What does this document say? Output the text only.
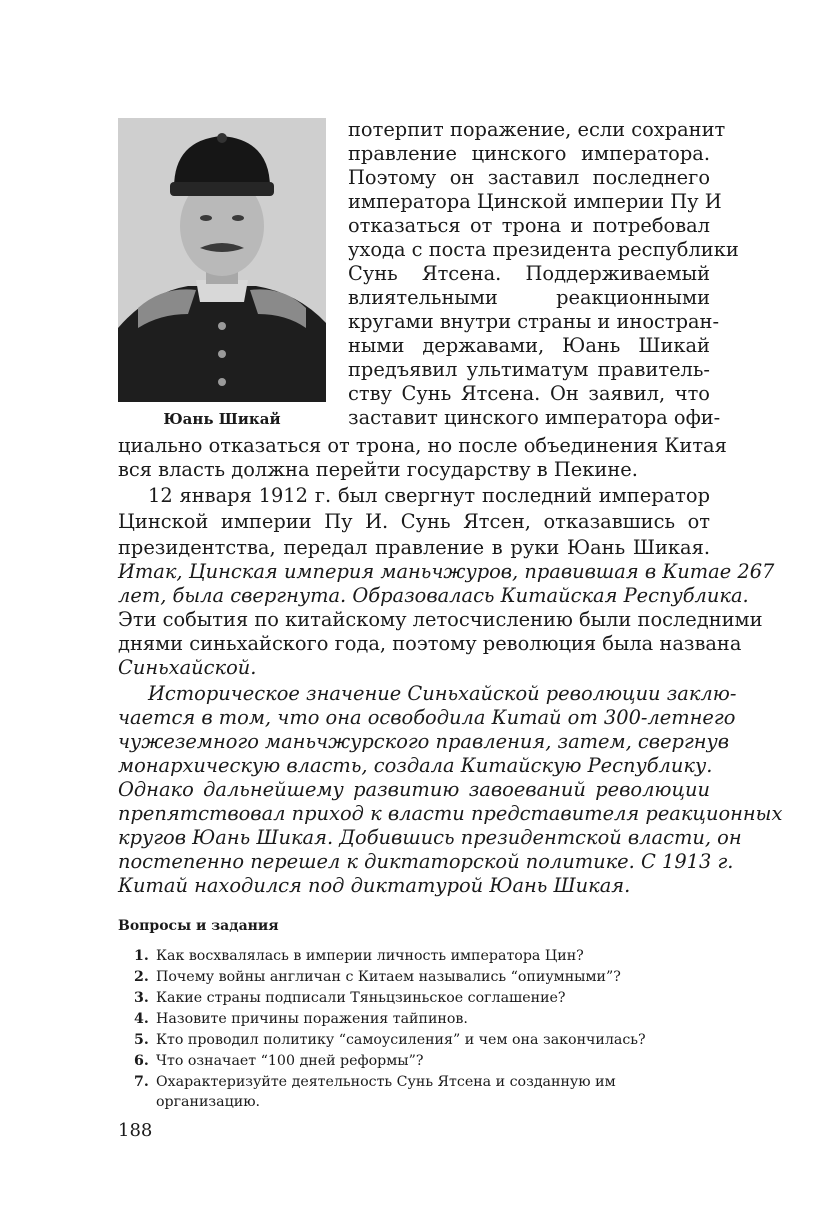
Юань Шикай
потерпит поражение, если сохранит
правление цинского императора.
Поэтому он заставил последнего
императора Цинской империи Пу И
отказаться от трона и потребовал
ухода с поста президента республики
Сунь Ятсена. Поддерживаемый
влиятельными реакционными
кругами внутри страны и иностран-
ными державами, Юань Шикай
предъявил ультиматум правитель-
ству Сунь Ятсена. Он заявил, что
заставит цинского императора офи-
циально отказаться от трона, но после объединения Китая
вся власть должна перейти государству в Пекине.
12 января 1912 г. был свергнут последний император
Цинской империи Пу И. Сунь Ятсен, отказавшись от
президентства, передал правление в руки Юань Шикая.
Итак, Цинская империя маньчжуров, правившая в Китае 267
лет, была свергнута. Образовалась Китайская Республика.
Эти события по китайскому летосчислению были последними
днями синьхайского года, поэтому революция была названа
Синьхайской.
Историческое значение Синьхайской революции заклю-
чается в том, что она освободила Китай от 300-летнего
чужеземного маньчжурского правления, затем, свергнув
монархическую власть, создала Китайскую Республику.
Однако дальнейшему развитию завоеваний революции
препятствовал приход к власти представителя реакционных
кругов Юань Шикая. Добившись президентской власти, он
постепенно перешел к диктаторской политике. С 1913 г.
Китай находился под диктатурой Юань Шикая.
Вопросы и задания
1. Как восхвалялась в империи личность императора Цин?
2. Почему войны англичан с Китаем назывались “опиумными”?
3. Какие страны подписали Тяньцзиньское соглашение?
4. Назовите причины поражения тайпинов.
5. Кто проводил политику “самоусиления” и чем она закончилась?
6. Что означает “100 дней реформы”?
7. Охарактеризуйте деятельность Сунь Ятсена и созданную им
организацию.
188
